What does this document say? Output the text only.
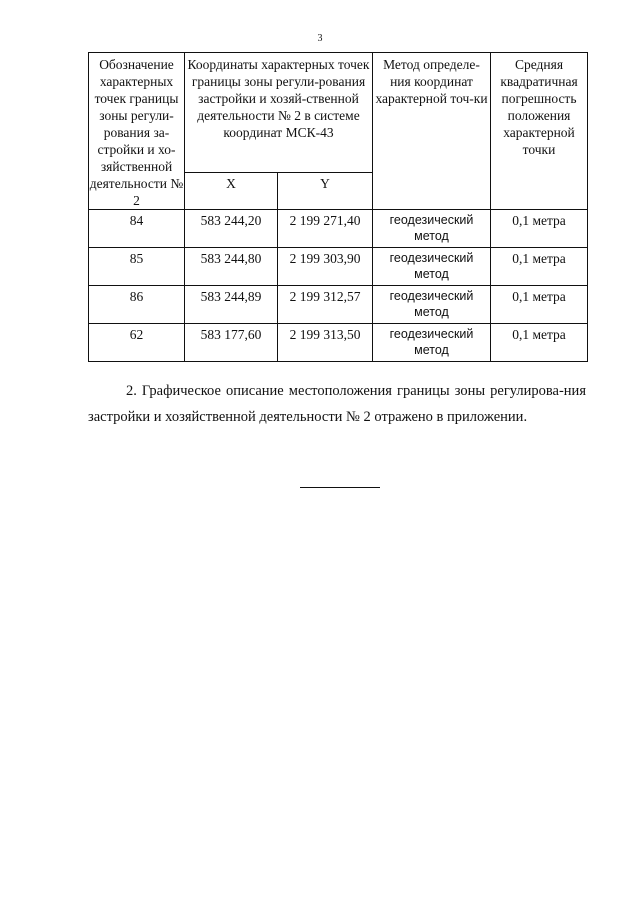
3
Обозначение характерных точек границы зоны регули-рования за-стройки и хо-зяйственной деятельности № 2	Координаты характерных точек границы зоны регули-рования застройки и хозяй-ственной деятельности № 2 в системе координат МСК-43		Метод определе-ния координат характерной точ-ки	Средняя квадратичная погрешность положения характерной точки
	X	Y		
84	583 244,20	2 199 271,40	геодезический метод	0,1 метра
85	583 244,80	2 199 303,90	геодезический метод	0,1 метра
86	583 244,89	2 199 312,57	геодезический метод	0,1 метра
62	583 177,60	2 199 313,50	геодезический метод	0,1 метра

2. Графическое описание местоположения границы зоны регулирова-ния застройки и хозяйственной деятельности № 2 отражено в приложении.
